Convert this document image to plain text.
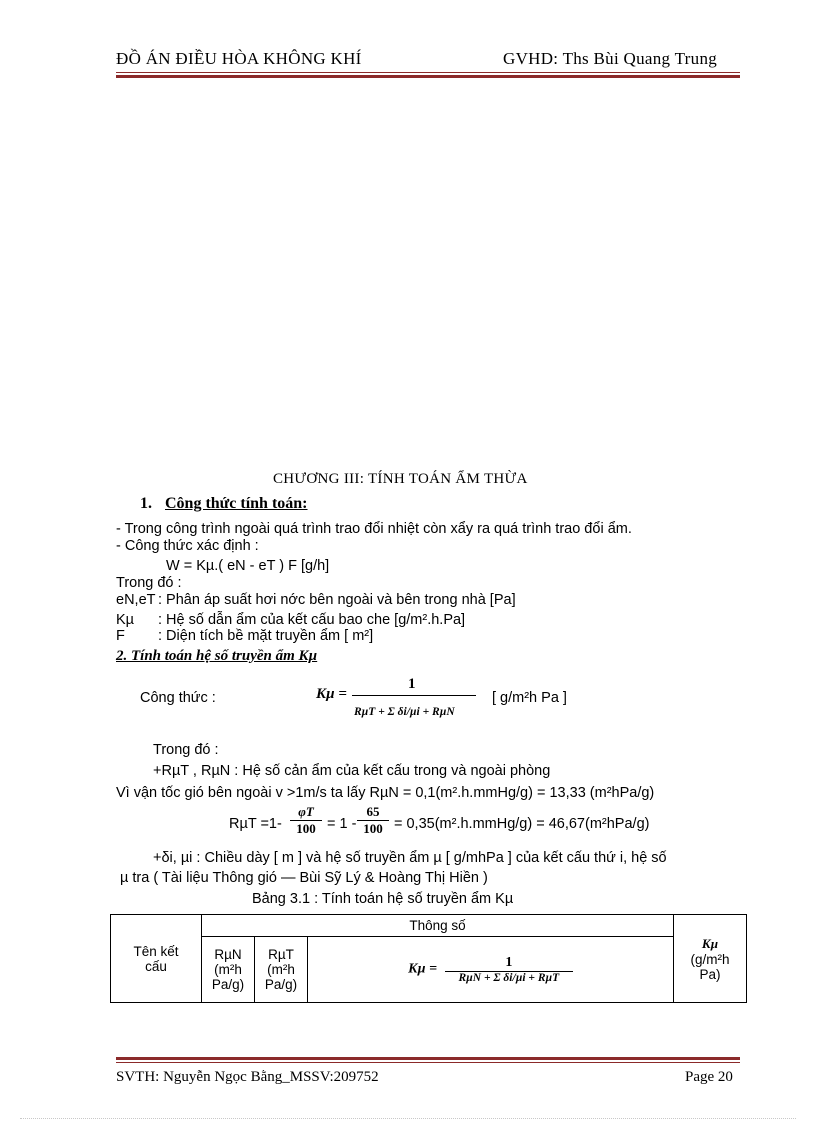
ĐỒ ÁN ĐIỀU HÒA KHÔNG KHÍ	GVHD: Ths Bùi Quang Trung
CHƯƠNG III: TÍNH TOÁN ẨM THỪA
1. Công thức tính toán:
- Trong công trình ngoài quá trình trao đổi nhiệt còn xẩy ra quá trình trao đổi ẩm.
- Công thức xác định :
W = Kµ.( eN - eT ) F [g/h]
Trong đó :
eN,eT : Phân áp suất hơi nớc bên ngoài và bên trong nhà [Pa]
Kµ : Hệ số dẫn ẩm của kết cấu bao che [g/m².h.Pa]
F : Diện tích bề mặt truyền ẩm [ m²]
2. Tính toán hệ số truyền ẩm Kµ
Công thức :	Kµ =
1
RµT + Σ δi/µi + RµN
[ g/m²h Pa ]
Trong đó :
+RµT , RµN : Hệ số cản ẩm của kết cấu trong và ngoài phòng
Vì vận tốc gió bên ngoài v >1m/s ta lấy RµN = 0,1(m².h.mmHg/g) = 13,33 (m²hPa/g)
$R\mu T =1- \frac{\varphi T}{100} = 1 - \frac{65}{100}$ = 0,35(m².h.mmHg/g) = 46,67(m²hPa/g)
+δi, µi : Chiều dày [ m ] và hệ số truyền ẩm µ [ g/mhPa ] của kết cấu thứ i, hệ số
µ tra ( Tài liệu Thông gió — Bùi Sỹ Lý & Hoàng Thị Hiền )
Bảng 3.1 : Tính toán hệ số truyền ẩm Kµ
Tên kết cấu	Thông số			Kµ
(g/m²h Pa)

	RµN (m²h Pa/g)	RµT (m²h Pa/g)	$K\mu = \frac{1}{\text{RµN + Σ δi/µi + RµT}}$
SVTH: Nguyễn Ngọc Bằng_MSSV:209752	Page 20
